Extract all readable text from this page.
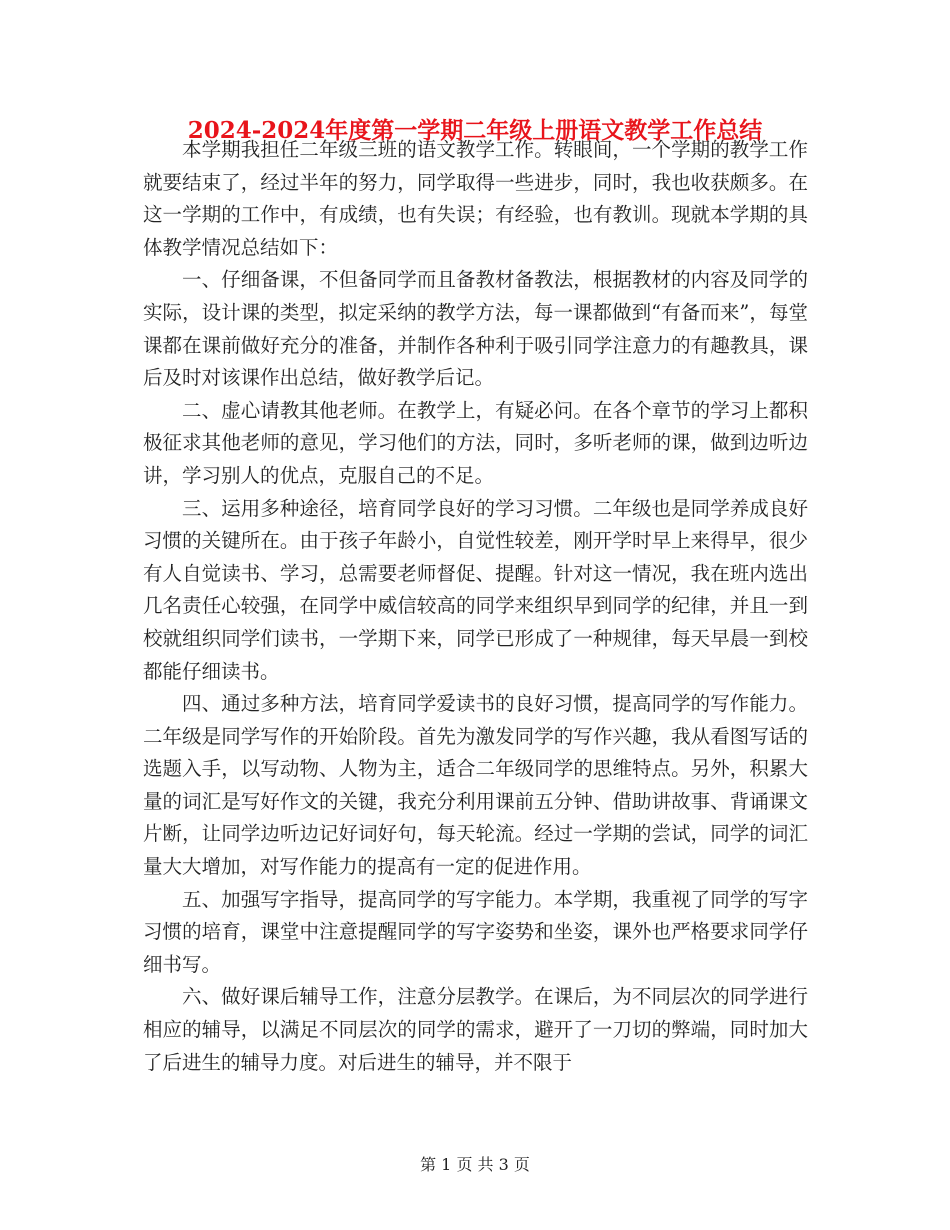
2024-2024年度第一学期二年级上册语文教学工作总结

本学期我担任二年级三班的语文教学工作。转眼间，一个学期的教学工作就要结束了，经过半年的努力，同学取得一些进步，同时，我也收获颇多。在这一学期的工作中，有成绩，也有失误；有经验，也有教训。现就本学期的具体教学情况总结如下：

一、仔细备课，不但备同学而且备教材备教法，根据教材的内容及同学的实际，设计课的类型，拟定采纳的教学方法，每一课都做到“有备而来”，每堂课都在课前做好充分的准备，并制作各种利于吸引同学注意力的有趣教具，课后及时对该课作出总结，做好教学后记。

二、虚心请教其他老师。在教学上，有疑必问。在各个章节的学习上都积极征求其他老师的意见，学习他们的方法，同时，多听老师的课，做到边听边讲，学习别人的优点，克服自己的不足。

三、运用多种途径，培育同学良好的学习习惯。二年级也是同学养成良好习惯的关键所在。由于孩子年龄小，自觉性较差，刚开学时早上来得早，很少有人自觉读书、学习，总需要老师督促、提醒。针对这一情况，我在班内选出几名责任心较强，在同学中威信较高的同学来组织早到同学的纪律，并且一到校就组织同学们读书，一学期下来，同学已形成了一种规律，每天早晨一到校都能仔细读书。

四、通过多种方法，培育同学爱读书的良好习惯，提高同学的写作能力。二年级是同学写作的开始阶段。首先为激发同学的写作兴趣，我从看图写话的选题入手，以写动物、人物为主，适合二年级同学的思维特点。另外，积累大量的词汇是写好作文的关键，我充分利用课前五分钟、借助讲故事、背诵课文片断，让同学边听边记好词好句，每天轮流。经过一学期的尝试，同学的词汇量大大增加，对写作能力的提高有一定的促进作用。

五、加强写字指导，提高同学的写字能力。本学期，我重视了同学的写字习惯的培育，课堂中注意提醒同学的写字姿势和坐姿，课外也严格要求同学仔细书写。

六、做好课后辅导工作，注意分层教学。在课后，为不同层次的同学进行相应的辅导，以满足不同层次的同学的需求，避开了一刀切的弊端，同时加大了后进生的辅导力度。对后进生的辅导，并不限于

第 1 页 共 3 页
